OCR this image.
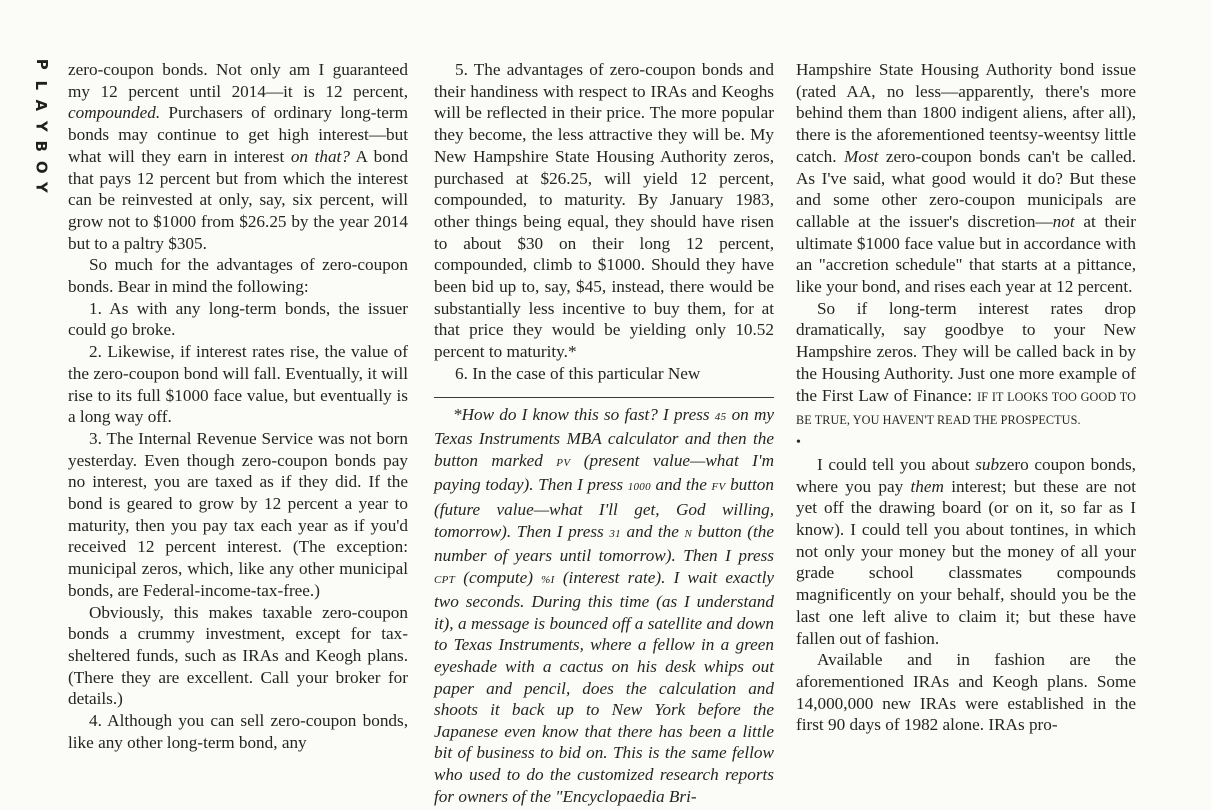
P
L
A
Y
B
O
Y

zero-coupon bonds. Not only am I guaranteed my 12 percent until 2014—it is 12 percent, compounded. Purchasers of ordinary long-term bonds may continue to get high interest—but what will they earn in interest on that? A bond that pays 12 percent but from which the interest can be reinvested at only, say, six percent, will grow not to $1000 from $26.25 by the year 2014 but to a paltry $305.

So much for the advantages of zero-coupon bonds. Bear in mind the following:

1. As with any long-term bonds, the issuer could go broke.

2. Likewise, if interest rates rise, the value of the zero-coupon bond will fall. Eventually, it will rise to its full $1000 face value, but eventually is a long way off.

3. The Internal Revenue Service was not born yesterday. Even though zero-coupon bonds pay no interest, you are taxed as if they did. If the bond is geared to grow by 12 percent a year to maturity, then you pay tax each year as if you'd received 12 percent interest. (The exception: municipal zeros, which, like any other municipal bonds, are Federal-income-tax-free.)

Obviously, this makes taxable zero-coupon bonds a crummy investment, except for tax-sheltered funds, such as IRAs and Keogh plans. (There they are excellent. Call your broker for details.)

4. Although you can sell zero-coupon bonds, like any other long-term bond, any

5. The advantages of zero-coupon bonds and their handiness with respect to IRAs and Keoghs will be reflected in their price. The more popular they become, the less attractive they will be. My New Hampshire State Housing Authority zeros, purchased at $26.25, will yield 12 percent, compounded, to maturity. By January 1983, other things being equal, they should have risen to about $30 on their long 12 percent, compounded, climb to $1000. Should they have been bid up to, say, $45, instead, there would be substantially less incentive to buy them, for at that price they would be yielding only 10.52 percent to maturity.*

6. In the case of this particular New

*How do I know this so fast? I press 45 on my Texas Instruments MBA calculator and then the button marked PV (present value—what I'm paying today). Then I press 1000 and the FV button (future value—what I'll get, God willing, tomorrow). Then I press 31 and the N button (the number of years until tomorrow). Then I press CPT (compute) %I (interest rate). I wait exactly two seconds. During this time (as I understand it), a message is bounced off a satellite and down to Texas Instruments, where a fellow in a green eyeshade with a cactus on his desk whips out paper and pencil, does the calculation and shoots it back up to New York before the Japanese even know that there has been a little bit of business to bid on. This is the same fellow who used to do the customized research reports for owners of the "Encyclopaedia Bri-

Hampshire State Housing Authority bond issue (rated AA, no less—apparently, there's more behind them than 1800 indigent aliens, after all), there is the aforementioned teentsy-weentsy little catch. Most zero-coupon bonds can't be called. As I've said, what good would it do? But these and some other zero-coupon municipals are callable at the issuer's discretion—not at their ultimate $1000 face value but in accordance with an "accretion schedule" that starts at a pittance, like your bond, and rises each year at 12 percent.

So if long-term interest rates drop dramatically, say goodbye to your New Hampshire zeros. They will be called back in by the Housing Authority. Just one more example of the First Law of Finance: IF IT LOOKS TOO GOOD TO BE TRUE, YOU HAVEN'T READ THE PROSPECTUS.

•

I could tell you about subzero coupon bonds, where you pay them interest; but these are not yet off the drawing board (or on it, so far as I know). I could tell you about tontines, in which not only your money but the money of all your grade school classmates compounds magnificently on your behalf, should you be the last one left alive to claim it; but these have fallen out of fashion.

Available and in fashion are the aforementioned IRAs and Keogh plans. Some 14,000,000 new IRAs were established in the first 90 days of 1982 alone. IRAs pro-
